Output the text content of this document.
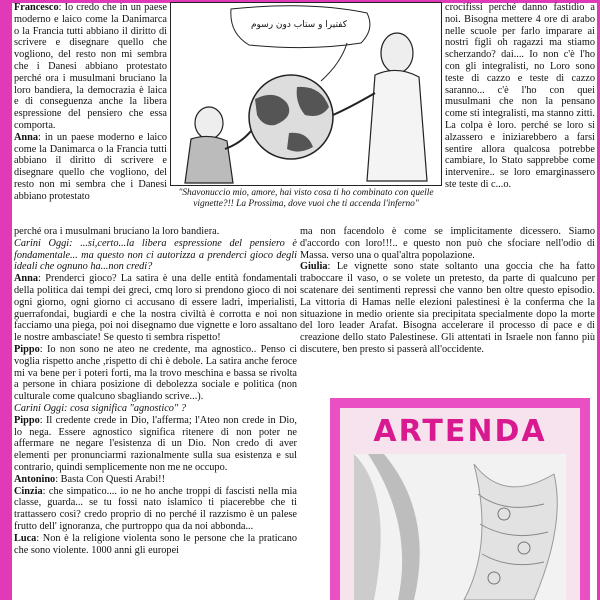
Francesco: Io credo che in un paese moderno e laico come la Danimarca o la Francia tutti abbiano il diritto di scrivere e disegnare quello che vogliono, del resto non mi sembra che i Danesi abbiano protestato perché ora i musulmani bruciano la loro bandiera, la democrazia è laica e di conseguenza anche la libera espressione del pensiero che essa comporta.

Anna: in un paese moderno e laico come la Danimarca o la Francia tutti abbiano il diritto di scrivere e disegnare quello che vogliono, del resto non mi sembra che i Danesi abbiano protestato

كفتيرا و ستاب دون رسوم
"Shavonuccio mio, amore, hai visto cosa ti ho combinato con quelle vignette?!! La Prossima, dove vuoi che ti accenda l'inferno"

crocifissi perché danno fastidio a noi. Bisogna mettere 4 ore di arabo nelle scuole per farlo imparare ai nostri figli oh ragazzi ma stiamo scherzando? dai.... Io non c'è l'ho con gli integralisti, no Loro sono teste di cazzo e teste di cazzo saranno... c'è l'ho con quei musulmani che non la pensano come sti integralisti, ma stanno zitti. La colpa è loro. perché se loro si alzassero e iniziarebbero a farsi sentire allora qualcosa potrebbe cambiare, lo Stato sapprebbe come intervenire.. se loro emarginassero ste teste di c...o.

perché ora i musulmani bruciano la loro bandiera.

Carini Oggi: ...si,certo...la libera espressione del pensiero è fondamentale... ma questo non ci autorizza a prenderci gioco degli ideali che ognuno ha...non credi?

Anna: Prenderci gioco? La satira è una delle entità fondamentali della politica dai tempi dei greci, cmq loro si prendono gioco di noi ogni giorno, ogni giorno ci accusano di essere ladri, imperialisti, guerrafondai, bugiardi e che la nostra civiltà è corrotta e noi non facciamo una piega, poi noi disegnamo due vignette e loro assaltano le nostre ambasciate! Se questo ti sembra rispetto!

Pippo: Io non sono ne ateo ne credente, ma agnostico.. Penso ci voglia rispetto anche ,rispetto di chi è debole. La satira anche feroce mi va bene per i poteri forti, ma la trovo meschina e bassa se rivolta a persone in chiara posizione di debolezza sociale e politica (non culturale come qualcuno sbagliando scrive...).

Carini Oggi: cosa significa "agnostico" ?

Pippo: Il credente crede in Dio, l'afferma; l'Ateo non crede in Dio, lo nega. Essere agnostico significa ritenere di non poter ne affermare ne negare l'esistenza di un Dio. Non credo di aver elementi per pronunciarmi razionalmente sulla sua esistenza e sul contrario, quindi semplicemente non me ne occupo.

Antonino: Basta Con Questi Arabi!!

Cinzia: che simpatico.... io ne ho anche troppi di fascisti nella mia classe, guarda... se tu fossi nato islamico ti piacerebbe che ti trattassero così? credo proprio di no perché il razzismo è un palese frutto dell' ignoranza, che purtroppo qua da noi abbonda...

Luca: Non è la religione violenta sono le persone che la praticano che sono violente. 1000 anni gli europei

ma non facendolo è come se implicitamente dicessero. Siamo d'accordo con loro!!!.. e questo non può che sfociare nell'odio di Massa. verso una o qual'altra popolazione.

Giulia: Le vignette sono state soltanto una goccia che ha fatto traboccare il vaso, o se volete un pretesto, da parte di qualcuno per scatenare dei sentimenti repressi che vanno ben oltre questo episodio. La vittoria di Hamas nelle elezioni palestinesi è la conferma che la situazione in medio oriente sia precipitata specialmente dopo la morte del loro leader Arafat. Bisogna accelerare il processo di pace e di creazione dello stato Palestinese. Gli attentati in Israele non fanno più discutere, ben presto si passerà all'occidente.

ARTENDA
